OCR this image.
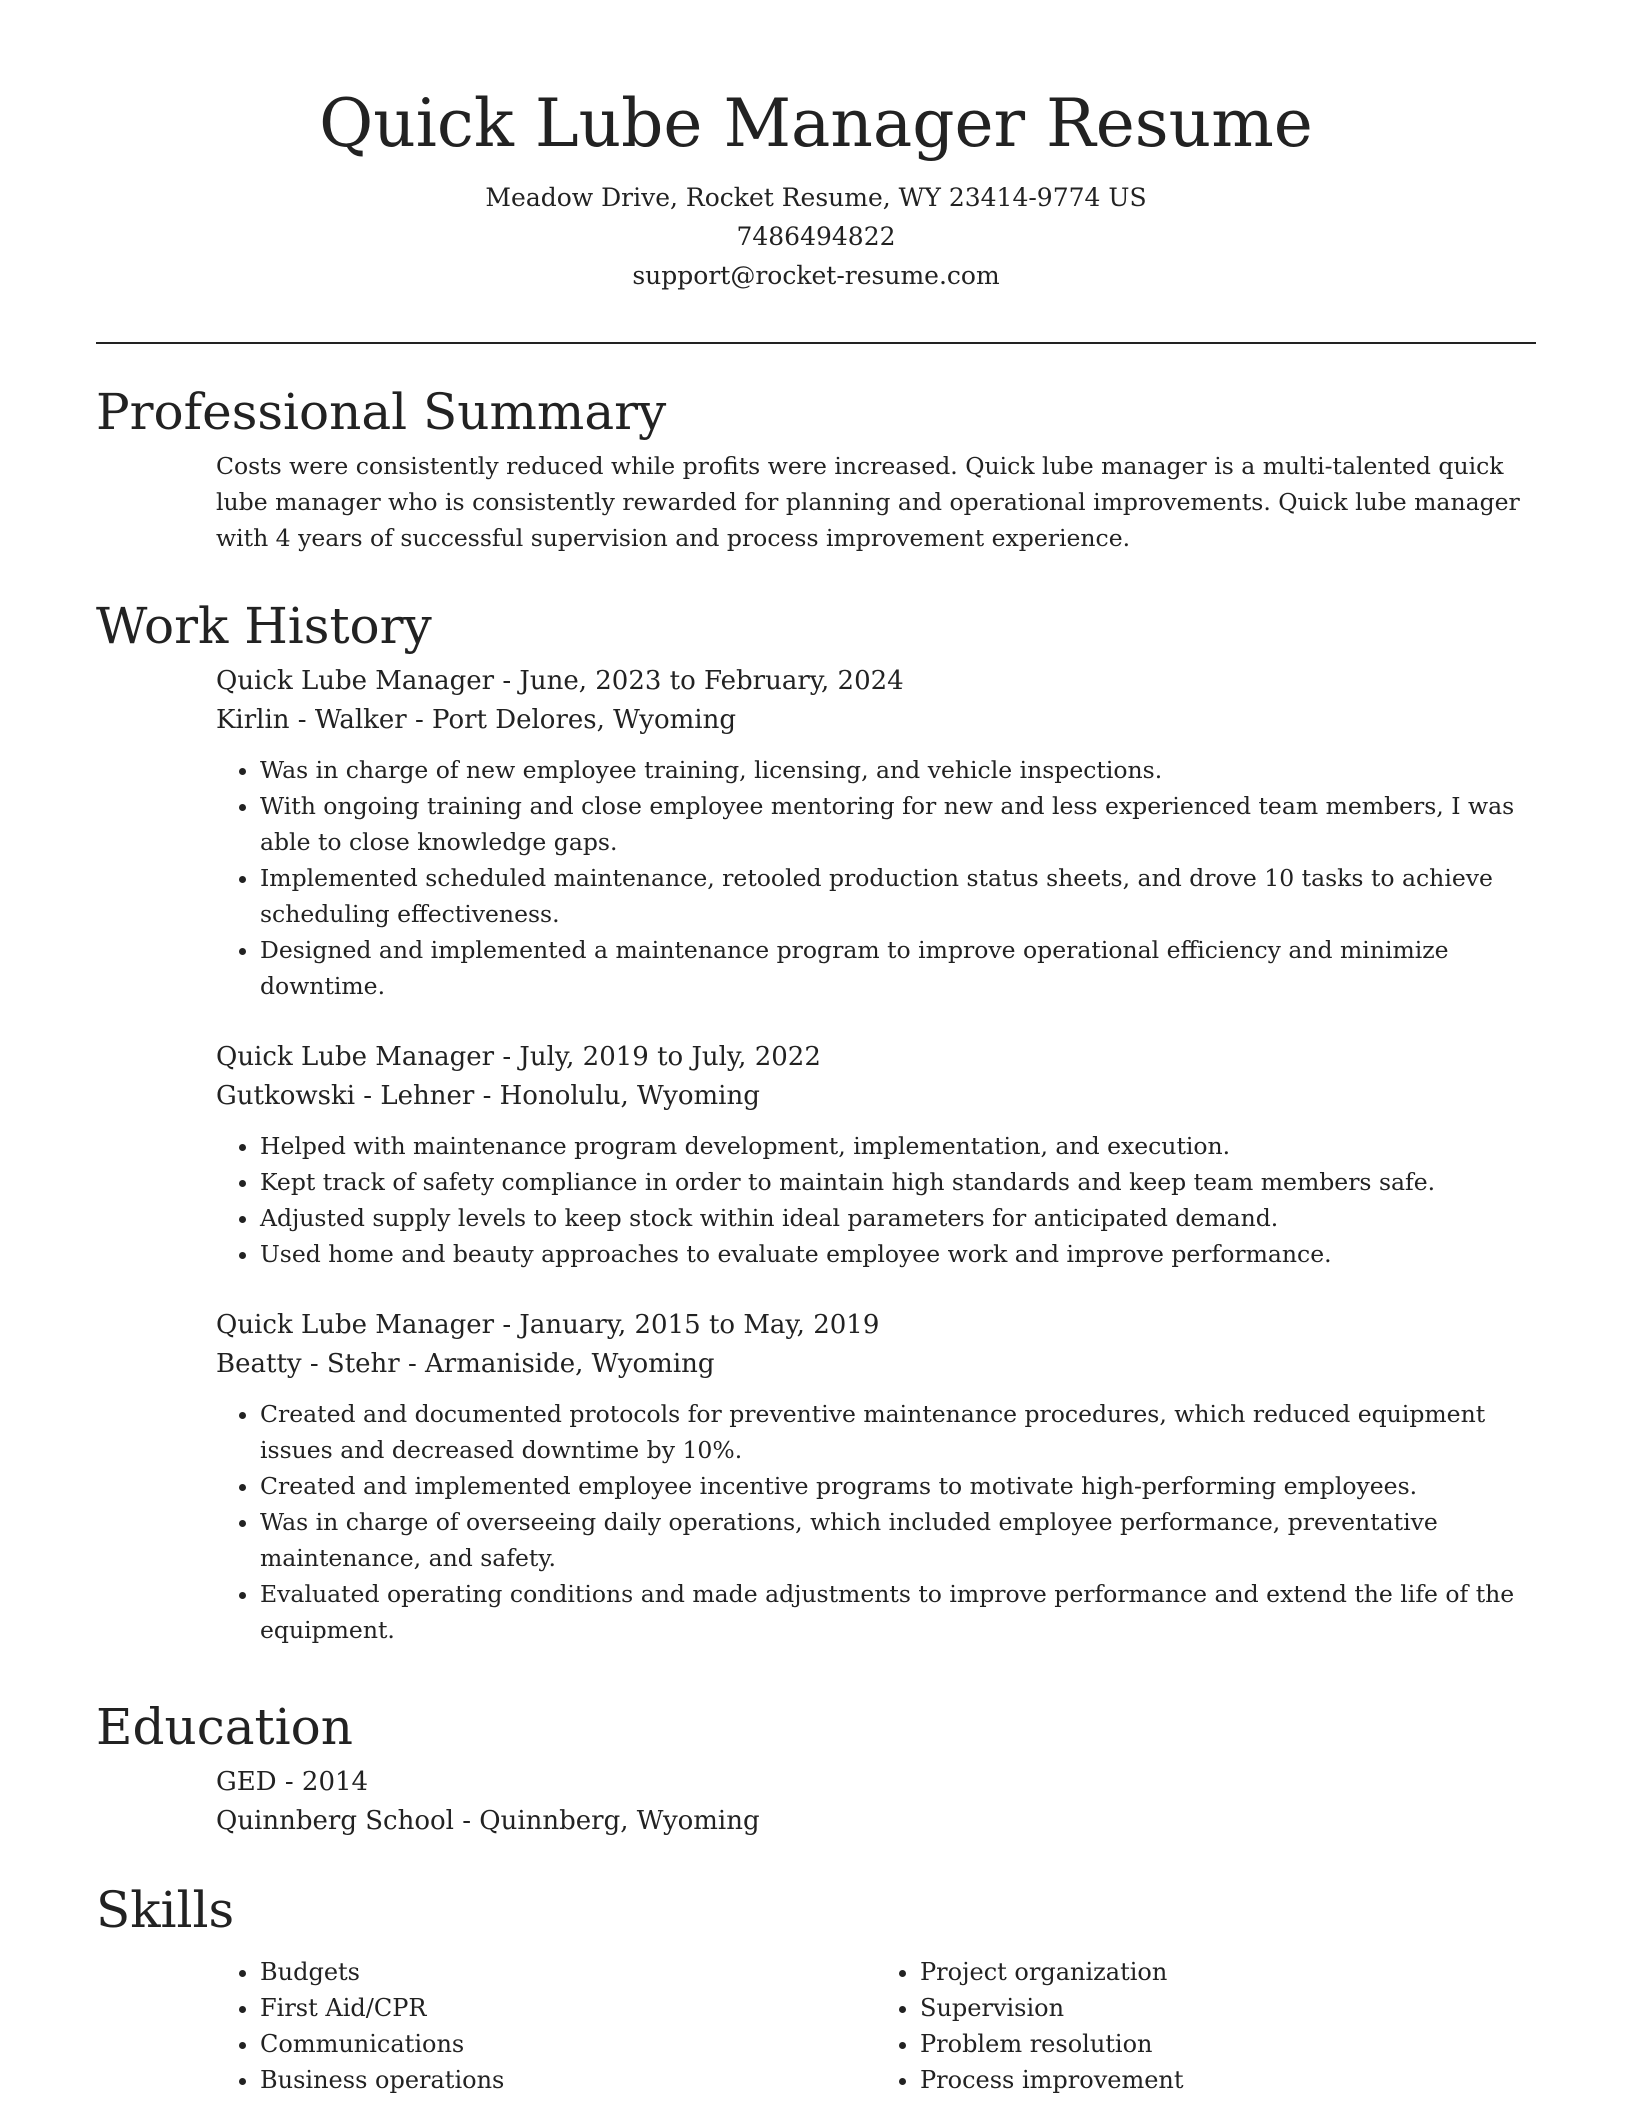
Quick Lube Manager Resume
Meadow Drive, Rocket Resume, WY 23414-9774 US
7486494822
support@rocket-resume.com
Professional Summary

Costs were consistently reduced while profits were increased. Quick lube manager is a multi-talented quick lube manager who is consistently rewarded for planning and operational improvements. Quick lube manager with 4 years of successful supervision and process improvement experience.

Work History
Quick Lube Manager - June, 2023 to February, 2024
Kirlin - Walker - Port Delores, Wyoming
• Was in charge of new employee training, licensing, and vehicle inspections.
• With ongoing training and close employee mentoring for new and less experienced team members, I was able to close knowledge gaps.
• Implemented scheduled maintenance, retooled production status sheets, and drove 10 tasks to achieve scheduling effectiveness.
• Designed and implemented a maintenance program to improve operational efficiency and minimize downtime.
Quick Lube Manager - July, 2019 to July, 2022
Gutkowski - Lehner - Honolulu, Wyoming
• Helped with maintenance program development, implementation, and execution.
• Kept track of safety compliance in order to maintain high standards and keep team members safe.
• Adjusted supply levels to keep stock within ideal parameters for anticipated demand.
• Used home and beauty approaches to evaluate employee work and improve performance.
Quick Lube Manager - January, 2015 to May, 2019
Beatty - Stehr - Armaniside, Wyoming
• Created and documented protocols for preventive maintenance procedures, which reduced equipment issues and decreased downtime by 10%.
• Created and implemented employee incentive programs to motivate high-performing employees.
• Was in charge of overseeing daily operations, which included employee performance, preventative maintenance, and safety.
• Evaluated operating conditions and made adjustments to improve performance and extend the life of the equipment.
Education
GED - 2014
Quinnberg School - Quinnberg, Wyoming
Skills
• Budgets
• First Aid/CPR
• Communications
• Business operations
• Project organization
• Supervision
• Problem resolution
• Process improvement
